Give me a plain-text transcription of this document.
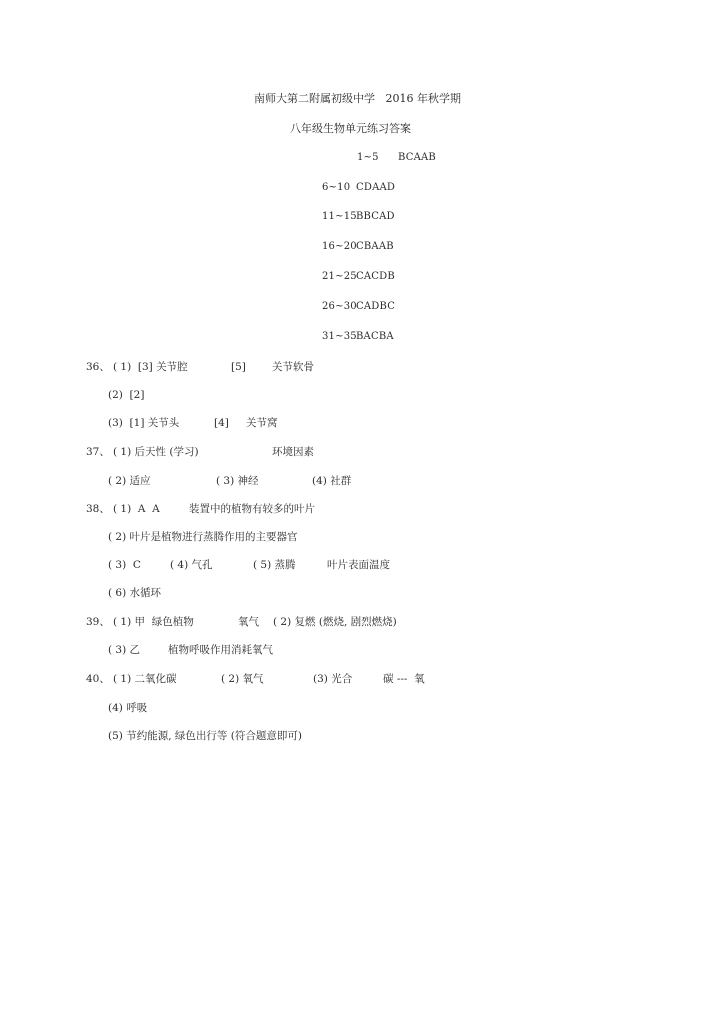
南师大第二附属初级中学   2016 年秋学期
八年级生物单元练习答案
1~5 BCAAB
6~10 CDAAD
11~15 BBCAD
16~20 CBAAB
21~25 CACDB
26~30 CADBC
31~35 BACBA
36、 ( 1)  [3] 关节腔	[5] 关节软骨
(2)  [2]
(3)  [1] 关节头	[4] 关节窝
37、 ( 1) 后天性 (学习)	环境因素
( 2) 适应	( 3) 神经	(4) 社群
38、 ( 1)  A  A	装置中的植物有较多的叶片
( 2) 叶片是植物进行蒸腾作用的主要器官
( 3)  C	( 4) 气孔	( 5) 蒸腾	叶片表面温度
( 6) 水循环
39、 ( 1) 甲  绿色植物	氧气 ( 2) 复燃 (燃烧, 剧烈燃烧)
( 3) 乙	植物呼吸作用消耗氧气
40、 ( 1) 二氧化碳	( 2) 氧气	(3) 光合	碳 ---  氧
(4) 呼吸
(5) 节约能源, 绿色出行等 (符合题意即可)
